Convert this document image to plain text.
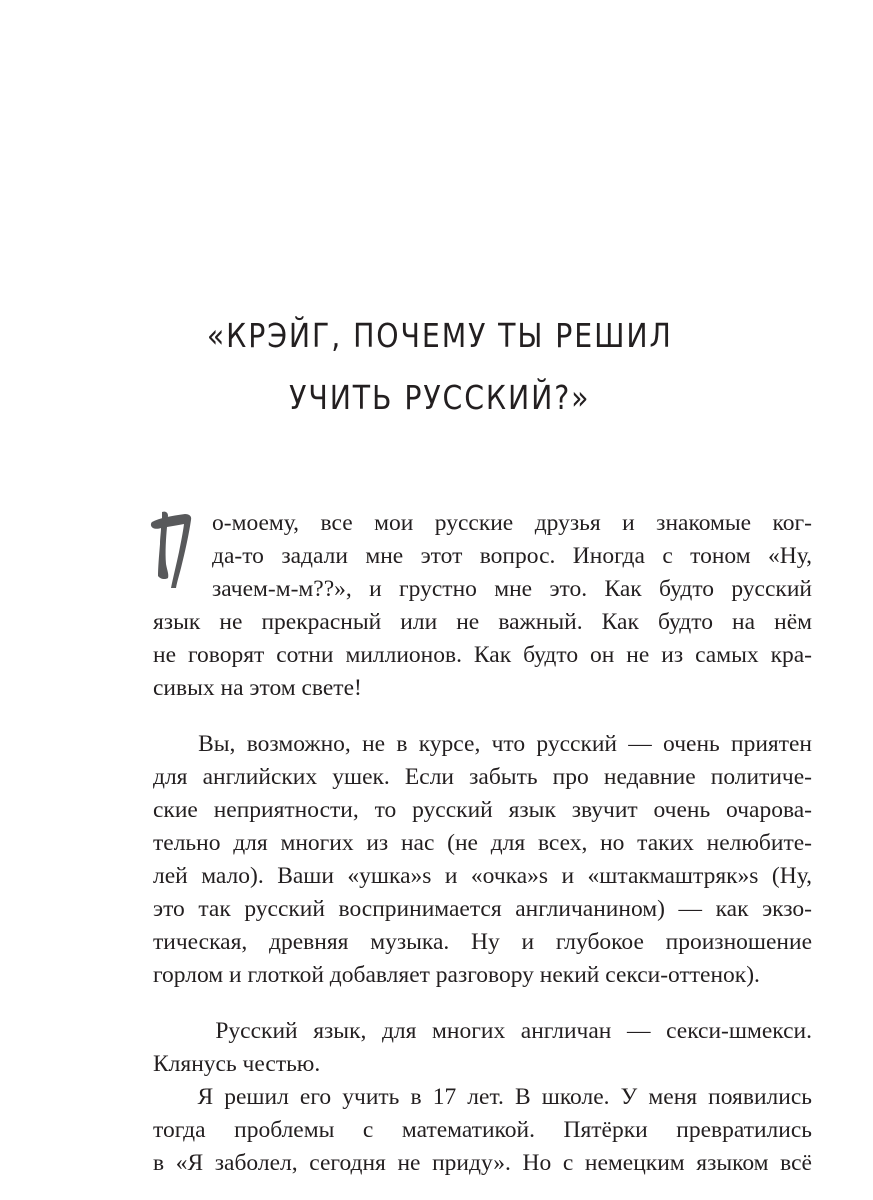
«КРЭЙГ, ПОЧЕМУ ТЫ РЕШИЛ
УЧИТЬ РУССКИЙ?»
о-моему, все мои русские друзья и знакомые ког-
да-то задали мне этот вопрос. Иногда с тоном «Ну,
зачем-м-м??», и грустно мне это. Как будто русский
язык не прекрасный или не важный. Как будто на нём
не говорят сотни миллионов. Как будто он не из самых кра-
сивых на этом свете!
Вы, возможно, не в курсе, что русский — очень приятен
для английских ушек. Если забыть про недавние политиче-
ские неприятности, то русский язык звучит очень очарова-
тельно для многих из нас (не для всех, но таких нелюбите-
лей мало). Ваши «ушка»s и «очка»s и «штакмаштряк»s (Ну,
это так русский воспринимается англичанином) — как экзо-
тическая, древняя музыка. Ну и глубокое произношение
горлом и глоткой добавляет разговору некий секси-оттенок).
Русский язык, для многих англичан — секси-шмекси.
Клянусь честью.
Я решил его учить в 17 лет. В школе. У меня появились
тогда проблемы с математикой. Пятёрки превратились
в «Я заболел, сегодня не приду». Но с немецким языком всё
